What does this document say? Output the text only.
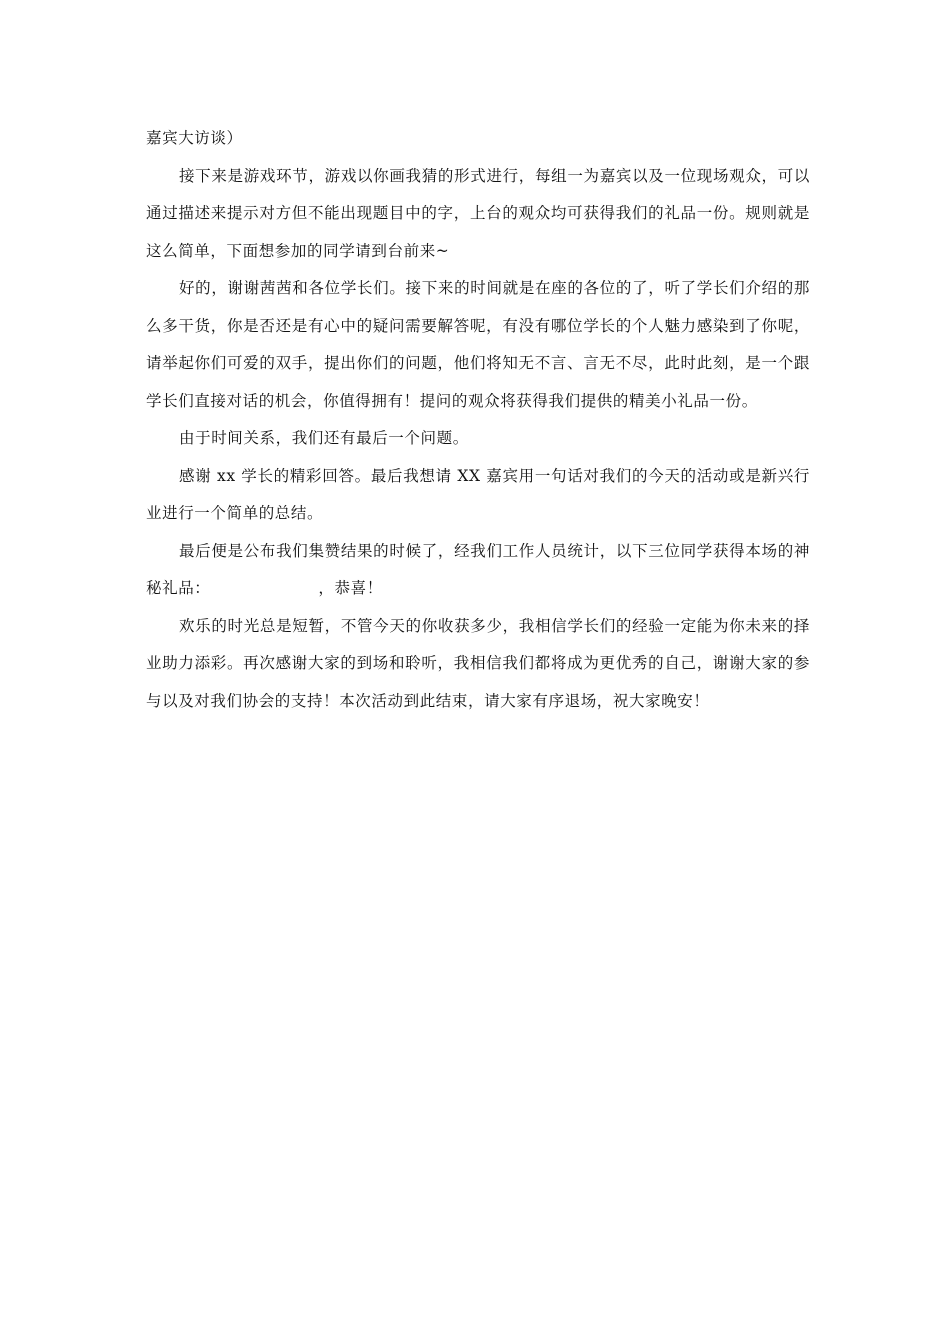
嘉宾大访谈）

接下来是游戏环节，游戏以你画我猜的形式进行，每组一为嘉宾以及一位现场观众，可以通过描述来提示对方但不能出现题目中的字，上台的观众均可获得我们的礼品一份。规则就是这么简单，下面想参加的同学请到台前来~

好的，谢谢茜茜和各位学长们。接下来的时间就是在座的各位的了，听了学长们介绍的那么多干货，你是否还是有心中的疑问需要解答呢，有没有哪位学长的个人魅力感染到了你呢，请举起你们可爱的双手，提出你们的问题，他们将知无不言、言无不尽，此时此刻，是一个跟学长们直接对话的机会，你值得拥有！提问的观众将获得我们提供的精美小礼品一份。

由于时间关系，我们还有最后一个问题。

感谢 xx 学长的精彩回答。最后我想请 XX 嘉宾用一句话对我们的今天的活动或是新兴行业进行一个简单的总结。

最后便是公布我们集赞结果的时候了，经我们工作人员统计，以下三位同学获得本场的神秘礼品：	，恭喜！

欢乐的时光总是短暂，不管今天的你收获多少，我相信学长们的经验一定能为你未来的择业助力添彩。再次感谢大家的到场和聆听，我相信我们都将成为更优秀的自己，谢谢大家的参与以及对我们协会的支持！本次活动到此结束，请大家有序退场，祝大家晚安！
